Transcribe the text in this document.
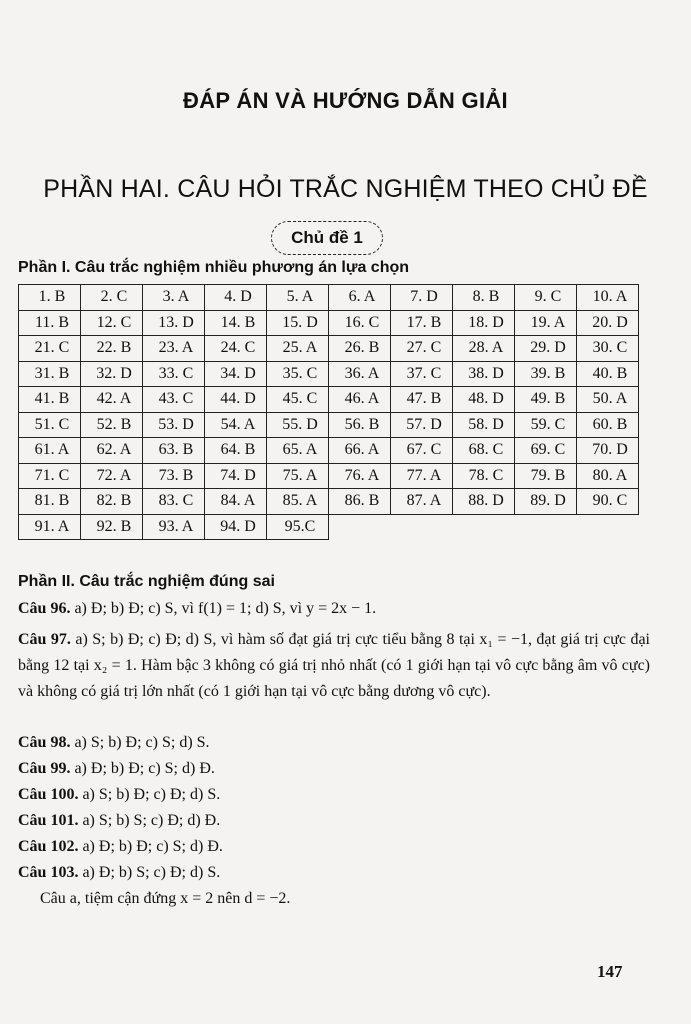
ĐÁP ÁN VÀ HƯỚNG DẪN GIẢI
PHẦN HAI. CÂU HỎI TRẮC NGHIỆM THEO CHỦ ĐỀ
Chủ đề 1
Phần I. Câu trắc nghiệm nhiều phương án lựa chọn
1. B	2. C	3. A	4. D	5. A	6. A	7. D	8. B	9. C	10. A
11. B	12. C	13. D	14. B	15. D	16. C	17. B	18. D	19. A	20. D
21. C	22. B	23. A	24. C	25. A	26. B	27. C	28. A	29. D	30. C
31. B	32. D	33. C	34. D	35. C	36. A	37. C	38. D	39. B	40. B
41. B	42. A	43. C	44. D	45. C	46. A	47. B	48. D	49. B	50. A
51. C	52. B	53. D	54. A	55. D	56. B	57. D	58. D	59. C	60. B
61. A	62. A	63. B	64. B	65. A	66. A	67. C	68. C	69. C	70. D
71. C	72. A	73. B	74. D	75. A	76. A	77. A	78. C	79. B	80. A
81. B	82. B	83. C	84. A	85. A	86. B	87. A	88. D	89. D	90. C
91. A	92. B	93. A	94. D	95.C					
Phần II. Câu trắc nghiệm đúng sai
Câu 96. a) Đ; b) Đ; c) S, vì f(1) = 1; d) S, vì y = 2x − 1.
Câu 97. a) S; b) Đ; c) Đ; d) S, vì hàm số đạt giá trị cực tiểu bằng 8 tại x₁ = −1, đạt giá trị cực đại bằng 12 tại x₂ = 1. Hàm bậc 3 không có giá trị nhỏ nhất (có 1 giới hạn tại vô cực bằng âm vô cực) và không có giá trị lớn nhất (có 1 giới hạn tại vô cực bằng dương vô cực).
Câu 98. a) S; b) Đ; c) S; d) S.
Câu 99. a) Đ; b) Đ; c) S; d) Đ.
Câu 100. a) S; b) Đ; c) Đ; d) S.
Câu 101. a) S; b) S; c) Đ; d) Đ.
Câu 102. a) Đ; b) Đ; c) S; d) Đ.
Câu 103. a) Đ; b) S; c) Đ; d) S.
Câu a, tiệm cận đứng x = 2 nên d = −2.
147
